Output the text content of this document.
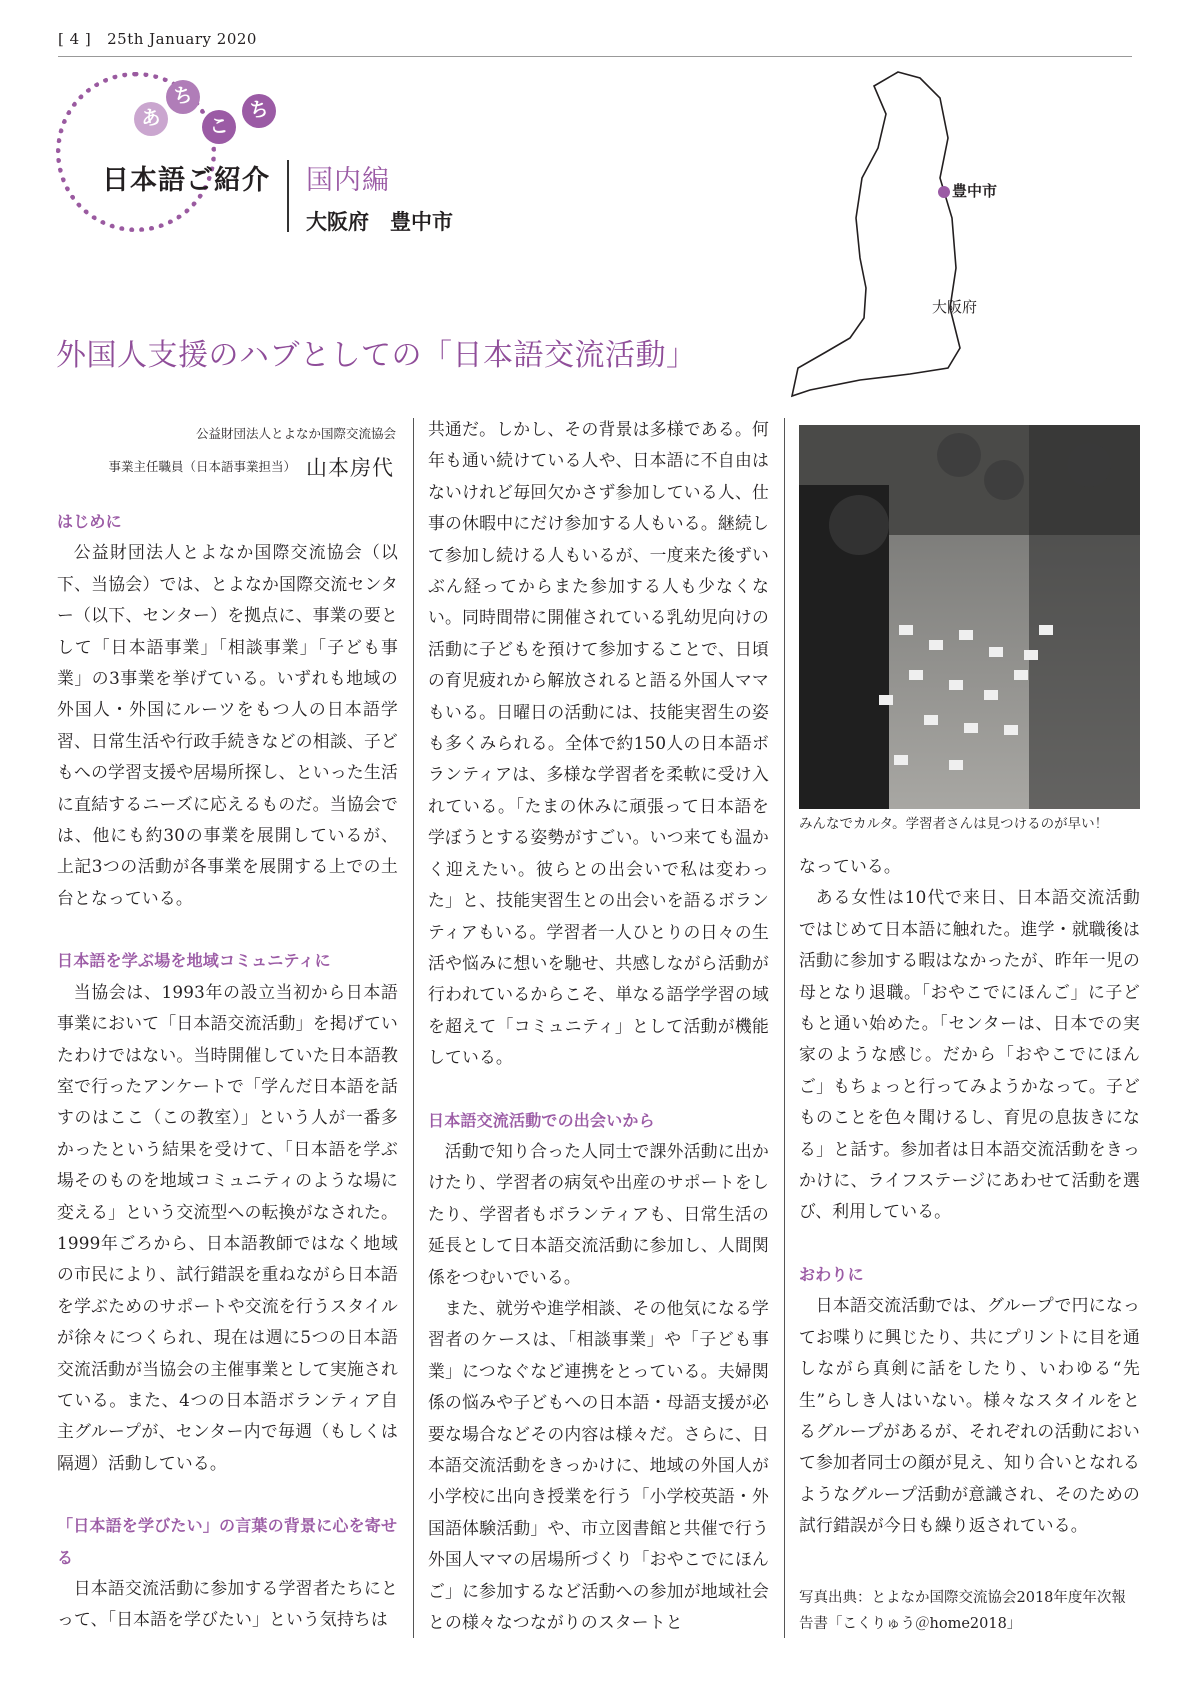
[ 4 ] 25th January 2020
あ
ち
こ
ち
日本語ご紹介 国内編
大阪府　豊中市
豊中市
大阪府
外国人支援のハブとしての「日本語交流活動」
公益財団法人とよなか国際交流協会
事業主任職員（日本語事業担当） 山本房代
はじめに

公益財団法人とよなか国際交流協会（以下、当協会）では、とよなか国際交流センター（以下、センター）を拠点に、事業の要として「日本語事業」「相談事業」「子ども事業」の3事業を挙げている。いずれも地域の外国人・外国にルーツをもつ人の日本語学習、日常生活や行政手続きなどの相談、子どもへの学習支援や居場所探し、といった生活に直結するニーズに応えるものだ。当協会では、他にも約30の事業を展開しているが、上記3つの活動が各事業を展開する上での土台となっている。

日本語を学ぶ場を地域コミュニティに

当協会は、1993年の設立当初から日本語事業において「日本語交流活動」を掲げていたわけではない。当時開催していた日本語教室で行ったアンケートで「学んだ日本語を話すのはここ（この教室）」という人が一番多かったという結果を受けて、「日本語を学ぶ場そのものを地域コミュニティのような場に変える」という交流型への転換がなされた。1999年ごろから、日本語教師ではなく地域の市民により、試行錯誤を重ねながら日本語を学ぶためのサポートや交流を行うスタイルが徐々につくられ、現在は週に5つの日本語交流活動が当協会の主催事業として実施されている。また、4つの日本語ボランティア自主グループが、センター内で毎週（もしくは隔週）活動している。

「日本語を学びたい」の言葉の背景に心を寄せる

日本語交流活動に参加する学習者たちにとって、「日本語を学びたい」という気持ちは

共通だ。しかし、その背景は多様である。何年も通い続けている人や、日本語に不自由はないけれど毎回欠かさず参加している人、仕事の休暇中にだけ参加する人もいる。継続して参加し続ける人もいるが、一度来た後ずいぶん経ってからまた参加する人も少なくない。同時間帯に開催されている乳幼児向けの活動に子どもを預けて参加することで、日頃の育児疲れから解放されると語る外国人ママもいる。日曜日の活動には、技能実習生の姿も多くみられる。全体で約150人の日本語ボランティアは、多様な学習者を柔軟に受け入れている。「たまの休みに頑張って日本語を学ぼうとする姿勢がすごい。いつ来ても温かく迎えたい。彼らとの出会いで私は変わった」と、技能実習生との出会いを語るボランティアもいる。学習者一人ひとりの日々の生活や悩みに想いを馳せ、共感しながら活動が行われているからこそ、単なる語学学習の域を超えて「コミュニティ」として活動が機能している。

日本語交流活動での出会いから

活動で知り合った人同士で課外活動に出かけたり、学習者の病気や出産のサポートをしたり、学習者もボランティアも、日常生活の延長として日本語交流活動に参加し、人間関係をつむいでいる。

また、就労や進学相談、その他気になる学習者のケースは、「相談事業」や「子ども事業」につなぐなど連携をとっている。夫婦関係の悩みや子どもへの日本語・母語支援が必要な場合などその内容は様々だ。さらに、日本語交流活動をきっかけに、地域の外国人が小学校に出向き授業を行う「小学校英語・外国語体験活動」や、市立図書館と共催で行う外国人ママの居場所づくり「おやこでにほんご」に参加するなど活動への参加が地域社会との様々なつながりのスタートと

みんなでカルタ。学習者さんは見つけるのが早い！

なっている。

ある女性は10代で来日、日本語交流活動ではじめて日本語に触れた。進学・就職後は活動に参加する暇はなかったが、昨年一児の母となり退職。「おやこでにほんご」に子どもと通い始めた。「センターは、日本での実家のような感じ。だから「おやこでにほんご」もちょっと行ってみようかなって。子どものことを色々聞けるし、育児の息抜きになる」と話す。参加者は日本語交流活動をきっかけに、ライフステージにあわせて活動を選び、利用している。

おわりに

日本語交流活動では、グループで円になってお喋りに興じたり、共にプリントに目を通しながら真剣に話をしたり、いわゆる“先生”らしき人はいない。様々なスタイルをとるグループがあるが、それぞれの活動において参加者同士の顔が見え、知り合いとなれるようなグループ活動が意識され、そのための試行錯誤が今日も繰り返されている。

写真出典：とよなか国際交流協会2018年度年次報告書「こくりゅう＠home2018」
